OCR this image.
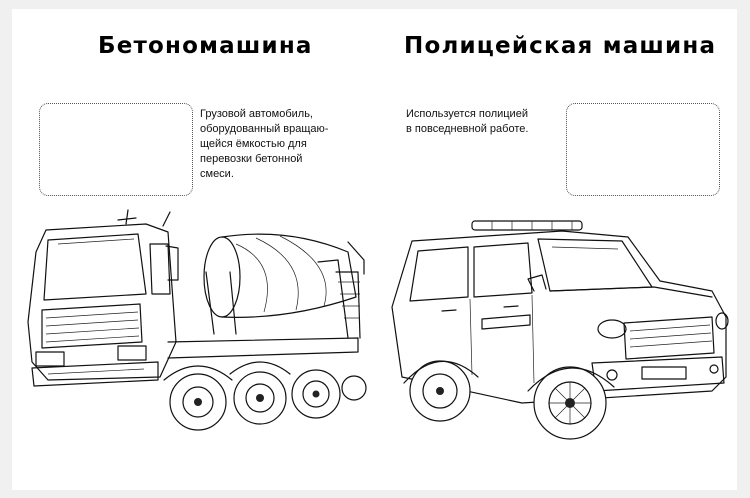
Бетономашина	Полицейская машина
Грузовой автомобиль,
оборудованный вращаю-
щейся ёмкостью для
перевозки бетонной
смеси.
Используется полицией
в повседневной работе.
